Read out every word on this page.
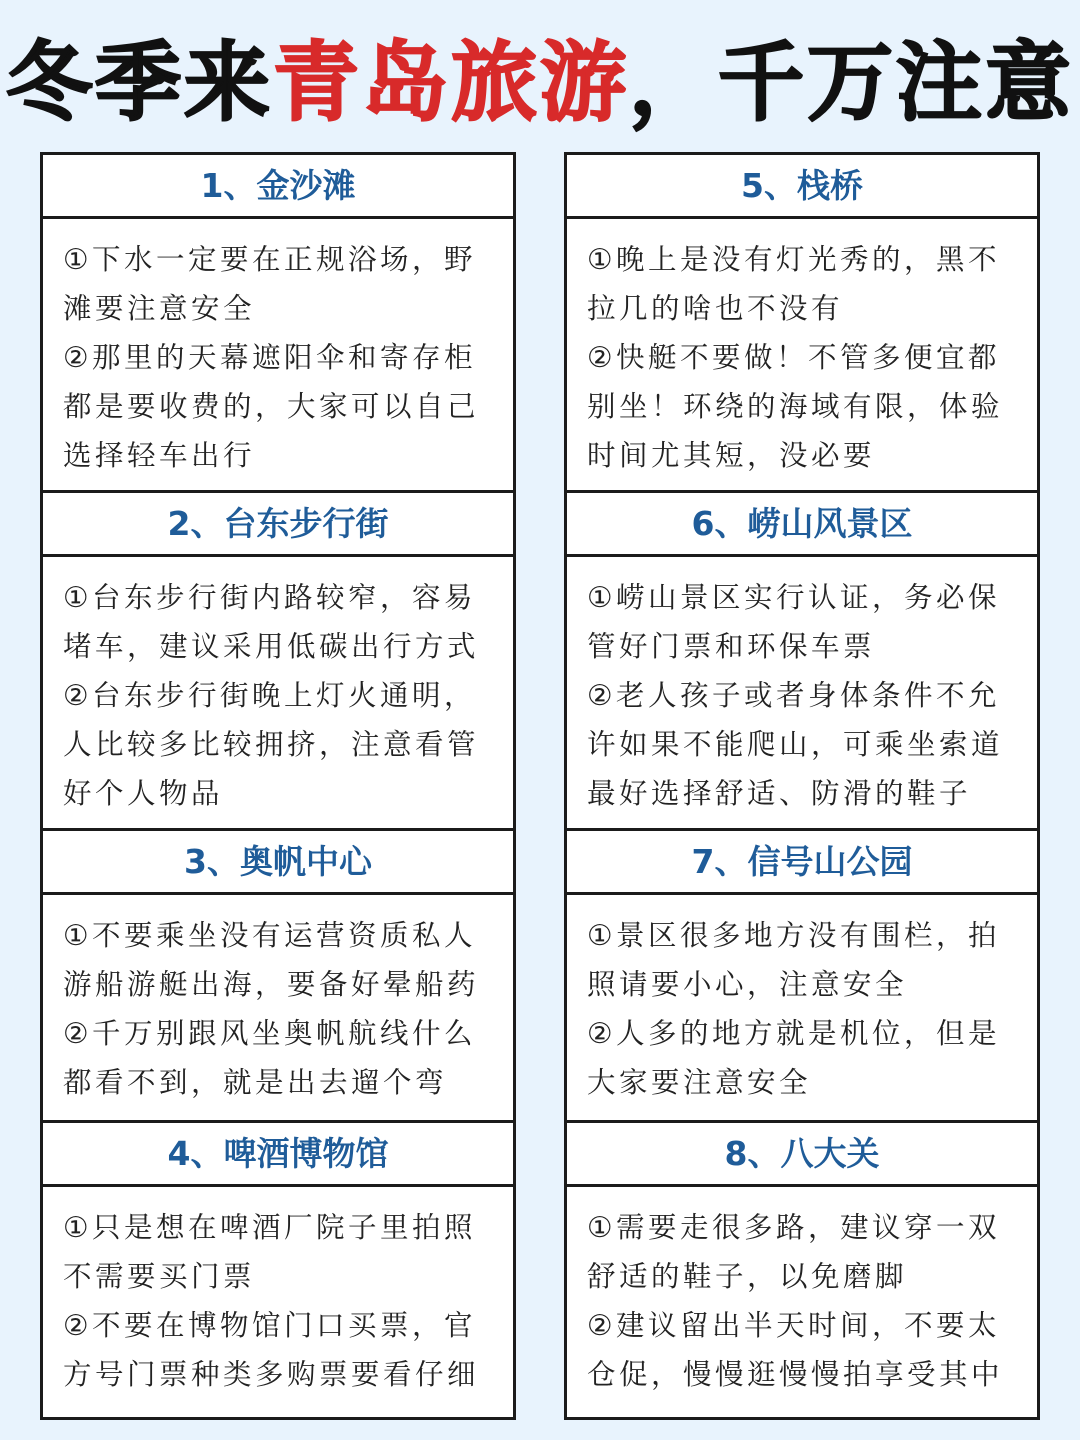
冬季来青岛旅游，千万注意
1、金沙滩

①下水一定要在正规浴场，野滩要注意安全

②那里的天幕遮阳伞和寄存柜都是要收费的，大家可以自己选择轻车出行

2、台东步行街

①台东步行街内路较窄，容易堵车，建议采用低碳出行方式

②台东步行街晚上灯火通明，人比较多比较拥挤，注意看管好个人物品

3、奥帆中心

①不要乘坐没有运营资质私人游船游艇出海，要备好晕船药

②千万别跟风坐奥帆航线什么都看不到，就是出去遛个弯

4、啤酒博物馆

①只是想在啤酒厂院子里拍照不需要买门票

②不要在博物馆门口买票，官方号门票种类多购票要看仔细

5、栈桥

①晚上是没有灯光秀的，黑不拉几的啥也不没有

②快艇不要做！不管多便宜都别坐！环绕的海域有限，体验时间尤其短，没必要

6、崂山风景区

①崂山景区实行认证，务必保管好门票和环保车票

②老人孩子或者身体条件不允许如果不能爬山，可乘坐索道最好选择舒适、防滑的鞋子

7、信号山公园

①景区很多地方没有围栏，拍照请要小心，注意安全

②人多的地方就是机位，但是大家要注意安全

8、八大关

①需要走很多路，建议穿一双舒适的鞋子，以免磨脚

②建议留出半天时间，不要太仓促，慢慢逛慢慢拍享受其中
